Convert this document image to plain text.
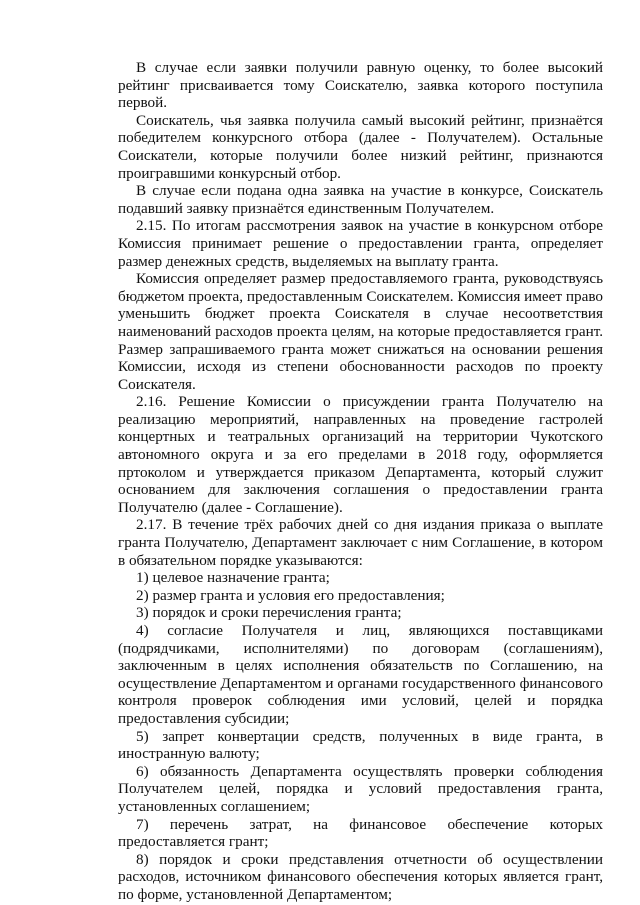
В случае если заявки получили равную оценку, то более высокий рейтинг присваивается тому Соискателю, заявка которого поступила первой.

Соискатель, чья заявка получила самый высокий рейтинг, признаётся победителем конкурсного отбора (далее - Получателем). Остальные Соискатели, которые получили более низкий рейтинг, признаются проигравшими конкурсный отбор.

В случае если подана одна заявка на участие в конкурсе, Соискатель подавший заявку признаётся единственным Получателем.

2.15. По итогам рассмотрения заявок на участие в конкурсном отборе Комиссия принимает решение о предоставлении гранта, определяет размер денежных средств, выделяемых на выплату гранта.

Комиссия определяет размер предоставляемого гранта, руководствуясь бюджетом проекта, предоставленным Соискателем. Комиссия имеет право уменьшить бюджет проекта Соискателя в случае несоответствия наименований расходов проекта целям, на которые предоставляется грант. Размер запрашиваемого гранта может снижаться на основании решения Комиссии, исходя из степени обоснованности расходов по проекту Соискателя.

2.16. Решение Комиссии о присуждении гранта Получателю на реализацию мероприятий, направленных на проведение гастролей концертных и театральных организаций на территории Чукотского автономного округа и за его пределами в 2018 году, оформляется пртоколом и утверждается приказом Департамента, который служит основанием для заключения соглашения о предоставлении гранта Получателю (далее - Соглашение).

2.17. В течение трёх рабочих дней со дня издания приказа о выплате гранта Получателю, Департамент заключает с ним Соглашение, в котором в обязательном порядке указываются:

1) целевое назначение гранта;

2) размер гранта и условия его предоставления;

3) порядок и сроки перечисления гранта;

4) согласие Получателя и лиц, являющихся поставщиками (подрядчиками, исполнителями) по договорам (соглашениям), заключенным в целях исполнения обязательств по Соглашению, на осуществление Департаментом и органами государственного финансового контроля проверок соблюдения ими условий, целей и порядка предоставления субсидии;

5) запрет конвертации средств, полученных в виде гранта, в иностранную валюту;

6) обязанность Департамента осуществлять проверки соблюдения Получателем целей, порядка и условий предоставления гранта, установленных соглашением;

7) перечень затрат, на финансовое обеспечение которых предоставляется грант;

8) порядок и сроки представления отчетности об осуществлении расходов, источником финансового обеспечения которых является грант, по форме, установленной Департаментом;
